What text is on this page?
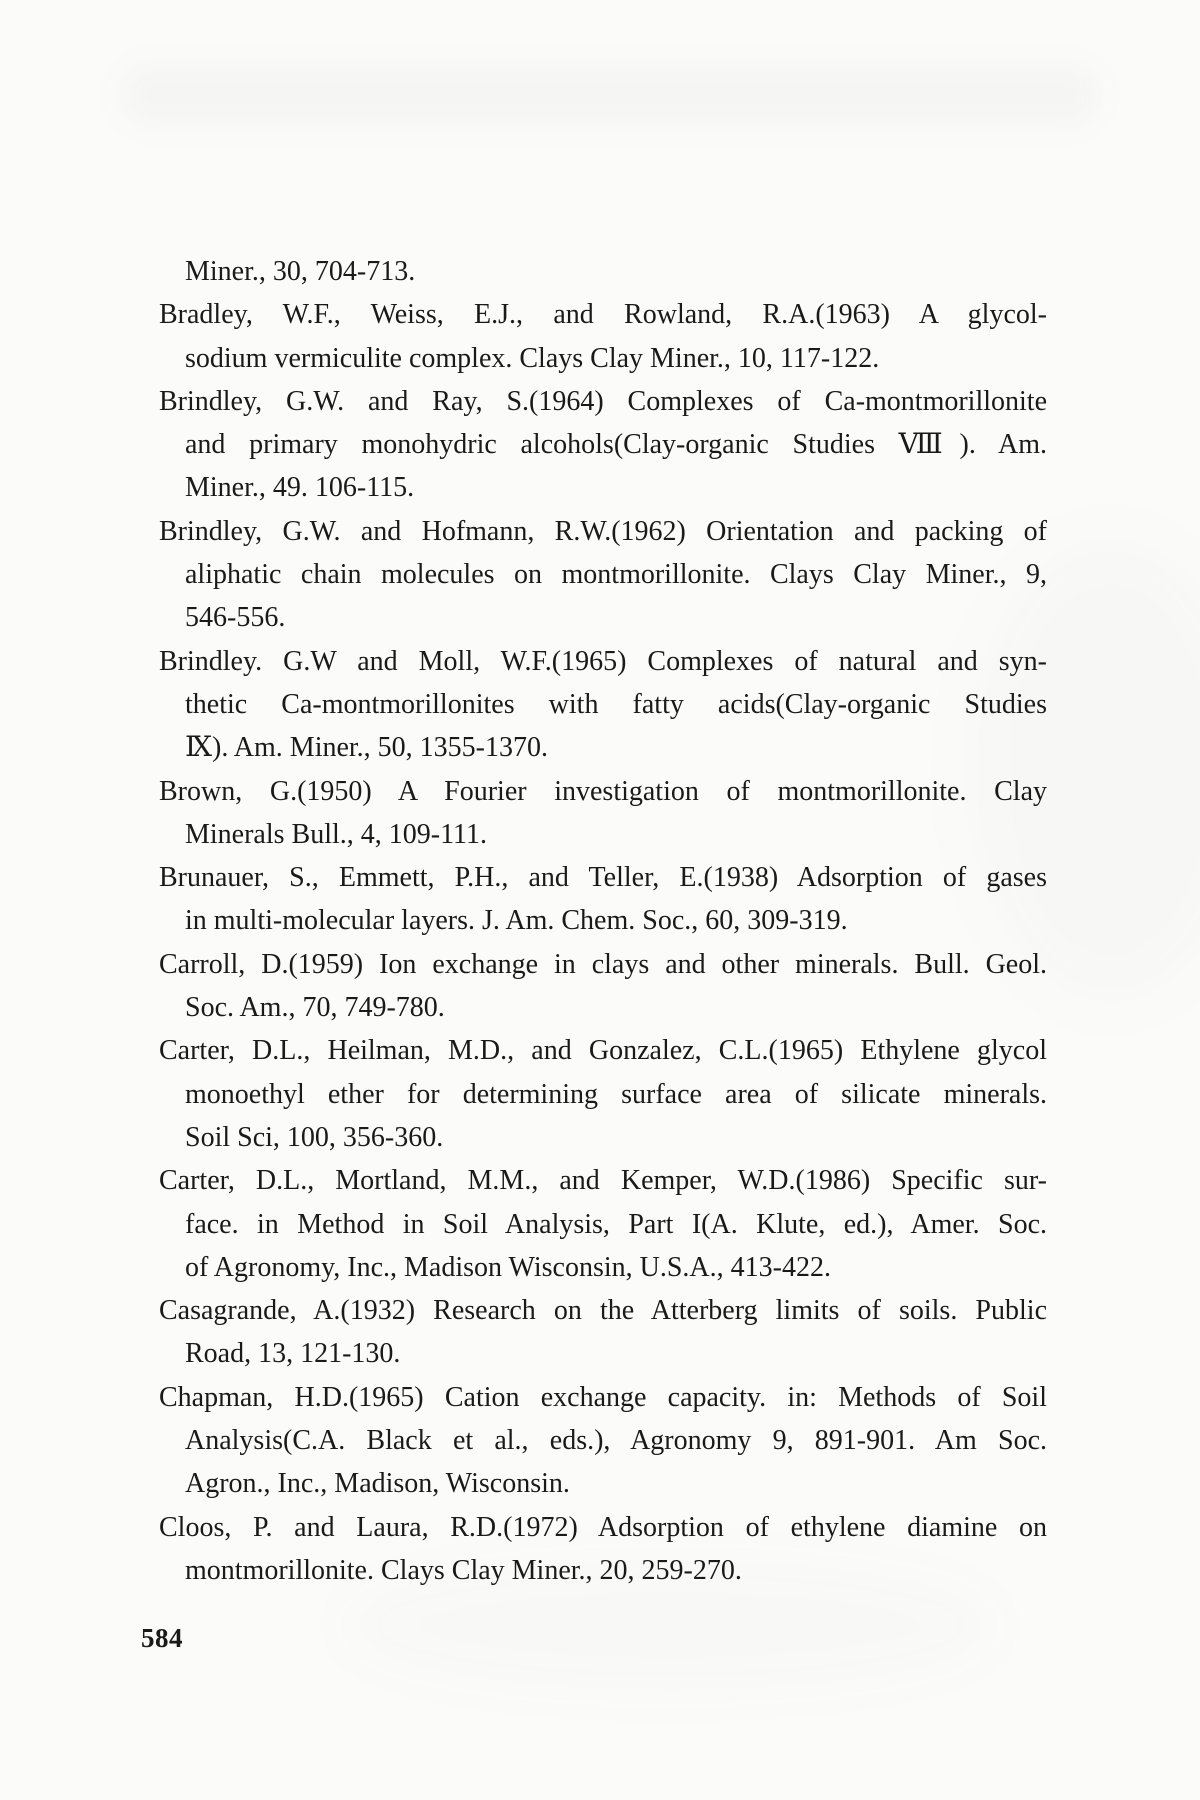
Miner., 30, 704-713.
Bradley, W.F., Weiss, E.J., and Rowland, R.A.(1963) A glycol-
sodium vermiculite complex. Clays Clay Miner., 10, 117-122.
Brindley, G.W. and Ray, S.(1964) Complexes of Ca-montmorillonite
and primary monohydric alcohols(Clay-organic Studies Ⅷ). Am.
Miner., 49. 106-115.
Brindley, G.W. and Hofmann, R.W.(1962) Orientation and packing of
aliphatic chain molecules on montmorillonite. Clays Clay Miner., 9,
546-556.
Brindley. G.W and Moll, W.F.(1965) Complexes of natural and syn-
thetic Ca-montmorillonites with fatty acids(Clay-organic Studies
Ⅸ). Am. Miner., 50, 1355-1370.
Brown, G.(1950) A Fourier investigation of montmorillonite. Clay
Minerals Bull., 4, 109-111.
Brunauer, S., Emmett, P.H., and Teller, E.(1938) Adsorption of gases
in multi-molecular layers. J. Am. Chem. Soc., 60, 309-319.
Carroll, D.(1959) Ion exchange in clays and other minerals. Bull. Geol.
Soc. Am., 70, 749-780.
Carter, D.L., Heilman, M.D., and Gonzalez, C.L.(1965) Ethylene glycol
monoethyl ether for determining surface area of silicate minerals.
Soil Sci, 100, 356-360.
Carter, D.L., Mortland, M.M., and Kemper, W.D.(1986) Specific sur-
face. in Method in Soil Analysis, Part I(A. Klute, ed.), Amer. Soc.
of Agronomy, Inc., Madison Wisconsin, U.S.A., 413-422.
Casagrande, A.(1932) Research on the Atterberg limits of soils. Public
Road, 13, 121-130.
Chapman, H.D.(1965) Cation exchange capacity. in: Methods of Soil
Analysis(C.A. Black et al., eds.), Agronomy 9, 891-901. Am Soc.
Agron., Inc., Madison, Wisconsin.
Cloos, P. and Laura, R.D.(1972) Adsorption of ethylene diamine on
montmorillonite. Clays Clay Miner., 20, 259-270.
584
